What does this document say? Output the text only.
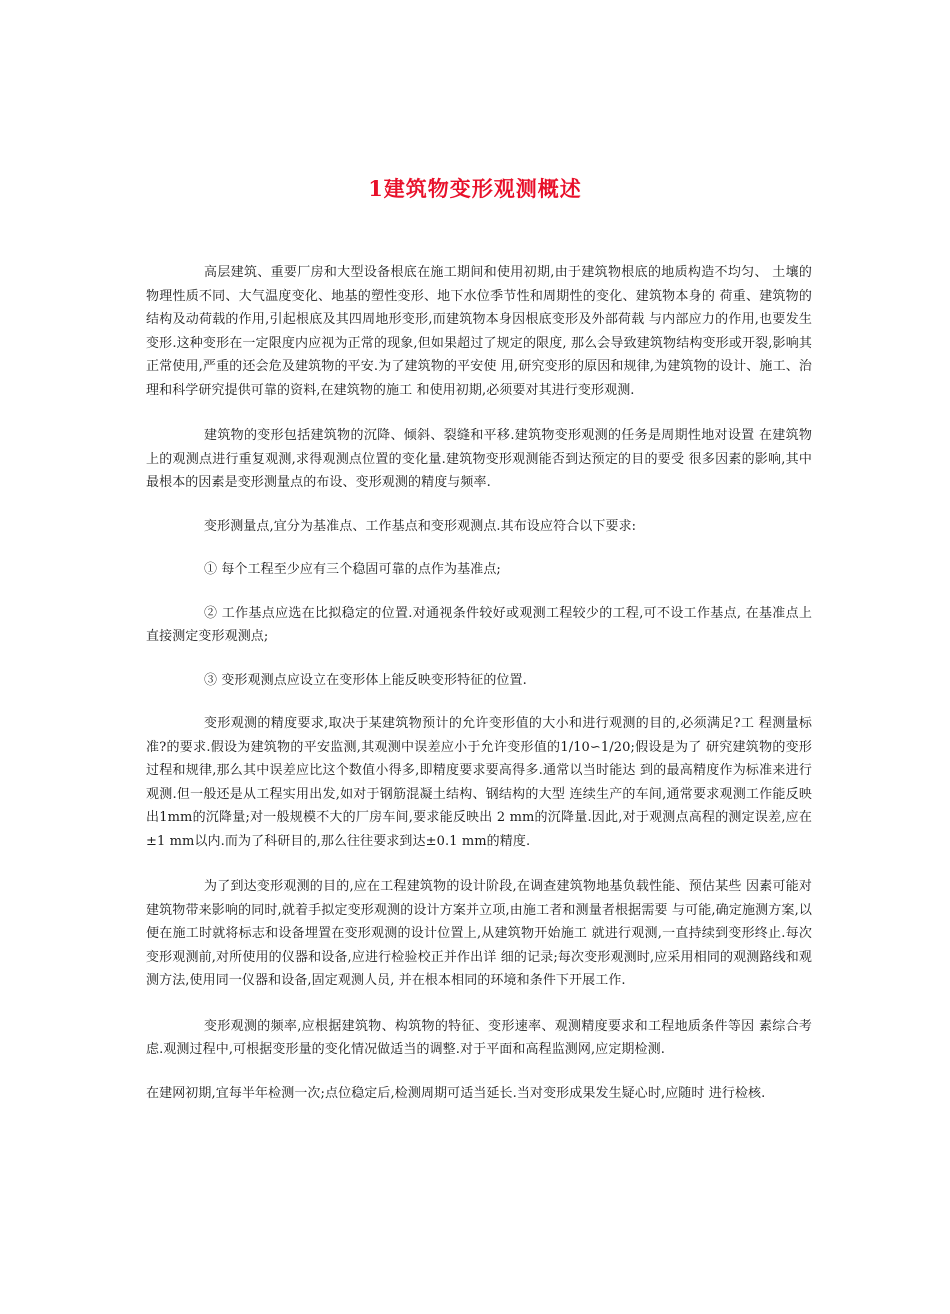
1建筑物变形观测概述

高层建筑、重要厂房和大型设备根底在施工期间和使用初期,由于建筑物根底的地质构造不均匀、 土壤的物理性质不同、大气温度变化、地基的塑性变形、地下水位季节性和周期性的变化、建筑物本身的 荷重、建筑物的结构及动荷载的作用,引起根底及其四周地形变形,而建筑物本身因根底变形及外部荷载 与内部应力的作用,也要发生变形.这种变形在一定限度内应视为正常的现象,但如果超过了规定的限度, 那么会导致建筑物结构变形或开裂,影响其正常使用,严重的还会危及建筑物的平安.为了建筑物的平安使 用,研究变形的原因和规律,为建筑物的设计、施工、治理和科学研究提供可靠的资料,在建筑物的施工 和使用初期,必须要对其进行变形观测.

建筑物的变形包括建筑物的沉降、倾斜、裂缝和平移.建筑物变形观测的任务是周期性地对设置 在建筑物上的观测点进行重复观测,求得观测点位置的变化量.建筑物变形观测能否到达预定的目的要受 很多因素的影响,其中最根本的因素是变形测量点的布设、变形观测的精度与频率.

变形测量点,宜分为基准点、工作基点和变形观测点.其布设应符合以下要求:

① 每个工程至少应有三个稳固可靠的点作为基准点;

② 工作基点应选在比拟稳定的位置.对通视条件较好或观测工程较少的工程,可不设工作基点, 在基准点上直接测定变形观测点;

③ 变形观测点应设立在变形体上能反映变形特征的位置.

变形观测的精度要求,取决于某建筑物预计的允许变形值的大小和进行观测的目的,必须满足?工 程测量标准?的要求.假设为建筑物的平安监测,其观测中误差应小于允许变形值的1/10∽1/20;假设是为了 研究建筑物的变形过程和规律,那么其中误差应比这个数值小得多,即精度要求要高得多.通常以当时能达 到的最高精度作为标准来进行观测.但一般还是从工程实用出发,如对于钢筋混凝土结构、钢结构的大型 连续生产的车间,通常要求观测工作能反映出1mm的沉降量;对一般规模不大的厂房车间,要求能反映出 2 mm的沉降量.因此,对于观测点高程的测定误差,应在±1 mm以内.而为了科研目的,那么往往要求到达±0.1 mm的精度.

为了到达变形观测的目的,应在工程建筑物的设计阶段,在调查建筑物地基负载性能、预估某些 因素可能对建筑物带来影响的同时,就着手拟定变形观测的设计方案并立项,由施工者和测量者根据需要 与可能,确定施测方案,以便在施工时就将标志和设备埋置在变形观测的设计位置上,从建筑物开始施工 就进行观测,一直持续到变形终止.每次变形观测前,对所使用的仪器和设备,应进行检验校正并作出详 细的记录;每次变形观测时,应采用相同的观测路线和观测方法,使用同一仪器和设备,固定观测人员, 并在根本相同的环境和条件下开展工作.

变形观测的频率,应根据建筑物、构筑物的特征、变形速率、观测精度要求和工程地质条件等因 素综合考虑.观测过程中,可根据变形量的变化情况做适当的调整.对于平面和高程监测网,应定期检测.

在建网初期,宜每半年检测一次;点位稳定后,检测周期可适当延长.当对变形成果发生疑心时,应随时 进行检核.
